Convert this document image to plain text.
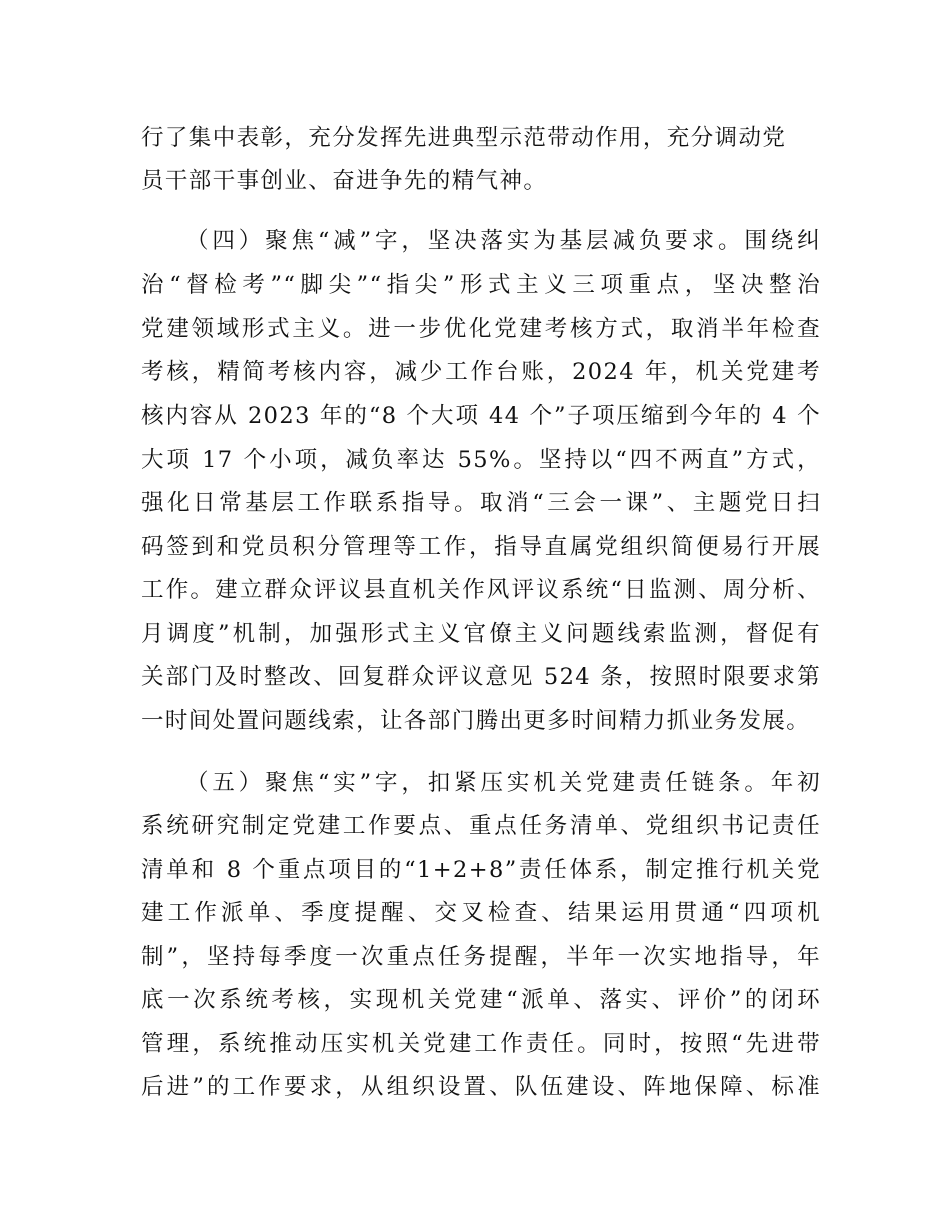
行了集中表彰，充分发挥先进典型示范带动作用，充分调动党
员干部干事创业、奋进争先的精气神。
（四）聚焦“减”字，坚决落实为基层减负要求。围绕纠
治“督检考”“脚尖”“指尖”形式主义三项重点，坚决整治
党建领域形式主义。进一步优化党建考核方式，取消半年检查
考核，精简考核内容，减少工作台账，2024 年，机关党建考
核内容从 2023 年的“8 个大项 44 个”子项压缩到今年的 4 个
大项 17 个小项，减负率达 55%。坚持以“四不两直”方式，
强化日常基层工作联系指导。取消“三会一课”、主题党日扫
码签到和党员积分管理等工作，指导直属党组织简便易行开展
工作。建立群众评议县直机关作风评议系统“日监测、周分析、
月调度”机制，加强形式主义官僚主义问题线索监测，督促有
关部门及时整改、回复群众评议意见 524 条，按照时限要求第
一时间处置问题线索，让各部门腾出更多时间精力抓业务发展。
（五）聚焦“实”字，扣紧压实机关党建责任链条。年初
系统研究制定党建工作要点、重点任务清单、党组织书记责任
清单和 8 个重点项目的“1+2+8”责任体系，制定推行机关党
建工作派单、季度提醒、交叉检查、结果运用贯通“四项机
制”，坚持每季度一次重点任务提醒，半年一次实地指导，年
底一次系统考核，实现机关党建“派单、落实、评价”的闭环
管理，系统推动压实机关党建工作责任。同时，按照“先进带
后进”的工作要求，从组织设置、队伍建设、阵地保障、标准
